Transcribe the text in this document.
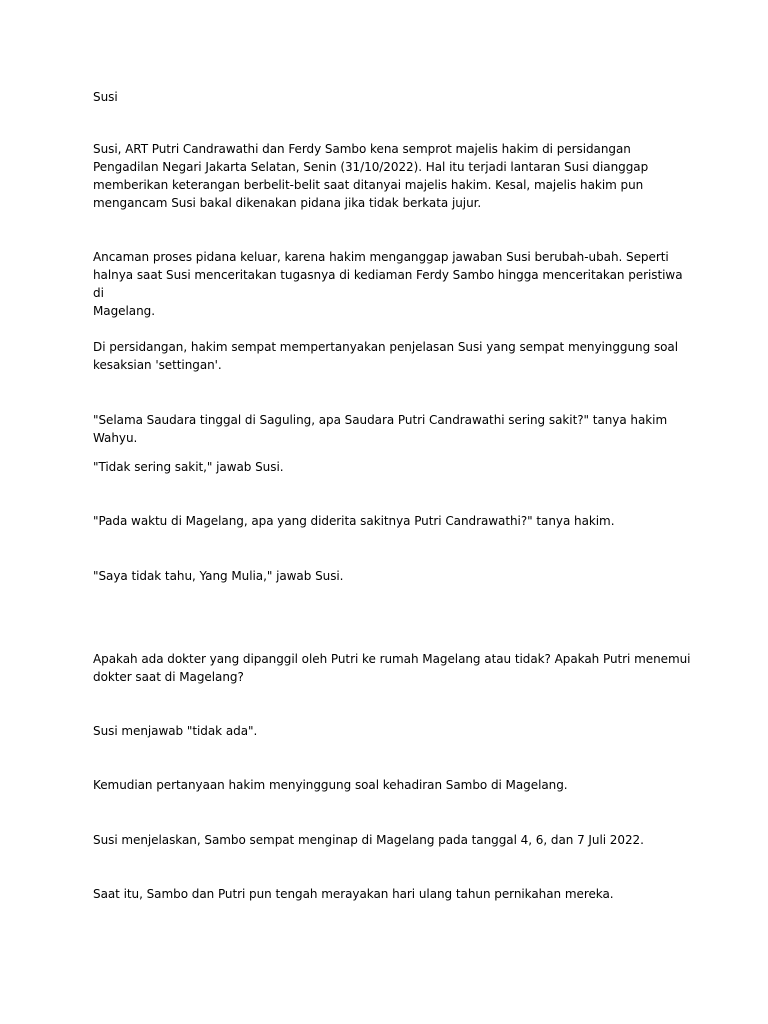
Susi

Susi, ART Putri Candrawathi dan Ferdy Sambo kena semprot majelis hakim di persidangan
Pengadilan Negari Jakarta Selatan, Senin (31/10/2022). Hal itu terjadi lantaran Susi dianggap
memberikan keterangan berbelit-belit saat ditanyai majelis hakim. Kesal, majelis hakim pun
mengancam Susi bakal dikenakan pidana jika tidak berkata jujur.

Ancaman proses pidana keluar, karena hakim menganggap jawaban Susi berubah-ubah. Seperti
halnya saat Susi menceritakan tugasnya di kediaman Ferdy Sambo hingga menceritakan peristiwa di
Magelang.

Di persidangan, hakim sempat mempertanyakan penjelasan Susi yang sempat menyinggung soal
kesaksian 'settingan'.

"Selama Saudara tinggal di Saguling, apa Saudara Putri Candrawathi sering sakit?" tanya hakim
Wahyu.

"Tidak sering sakit," jawab Susi.

"Pada waktu di Magelang, apa yang diderita sakitnya Putri Candrawathi?" tanya hakim.

"Saya tidak tahu, Yang Mulia," jawab Susi.

Apakah ada dokter yang dipanggil oleh Putri ke rumah Magelang atau tidak? Apakah Putri menemui
dokter saat di Magelang?

Susi menjawab "tidak ada".

Kemudian pertanyaan hakim menyinggung soal kehadiran Sambo di Magelang.

Susi menjelaskan, Sambo sempat menginap di Magelang pada tanggal 4, 6, dan 7 Juli 2022.

Saat itu, Sambo dan Putri pun tengah merayakan hari ulang tahun pernikahan mereka.
